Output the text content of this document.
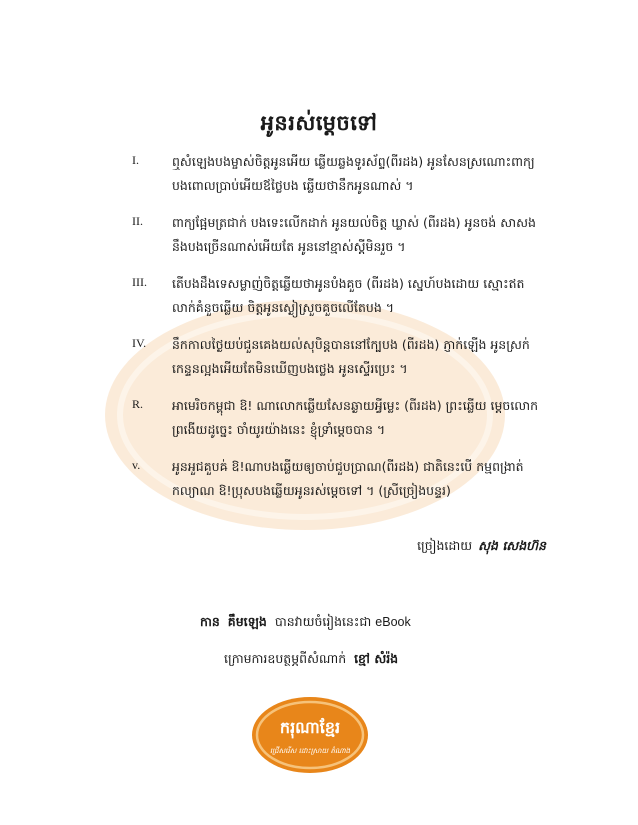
អូនរស់ម្ដេចទៅ
I.	ឮសំឡេងបងម្ចាស់ចិត្តអូនអើយ ឆ្លើយឆ្លងទូរស័ព្ទ(ពីរដង) អូនសែនស្រណោះពាក្យ
បងពោលប្រាប់អើយឪថ្លៃបង ឆ្លើយថានឹកអូនណាស់ ។
II.	ពាក្យផ្អែមត្រជាក់ បងទេះលើកដាក់ អូនយល់ចិត្ត ឃ្លាស់ (ពីរដង) អូនចង់ សាសង
នឹងបងច្រើនណាស់អើយតែ អូននៅខ្មាស់ស្ដីមិនរួច ។
III.	តើបងដឹងទេសម្លាញ់ចិត្តឆ្លើយថាអូនបំងគួច (ពីរដង) ស្នេហ៍បងដោយ ស្មោះឥត
លាក់គំនួចឆ្លើយ ចិត្តអូនស្ងៀស្រួចគួចលើតែបង ។
IV.	នឹកកាលថ្ងៃយប់ជួនគេងយល់សុបិន្តបាននៅក្បែបង (ពីរដង) ភ្ញាក់ឡើង អូនស្រក់
កេន្ទនល្អងអើយតែមិនឃើញបងថ្លេង អូនស្ទើរប្រេះ ។
R.	អាមេរិចកម្ពុជា ឱ! ណាលោកឆ្លើយសែនឆ្ងាយអ្វីម្លេះ (ពីរដង) ព្រះឆ្លើយ ម្ដេចលោក
ព្រងើយដូច្នេះ ចាំយូរយ៉ាងនេះ ខ្ញុំទ្រាំម្ដេចបាន ។
v.	អូនអួជគួបឝ់ ឱ!ណាបងឆ្លើយឲ្យចាប់ជួបប្រាណ(ពីរដង) ជាតិនេះបើ កម្មពង្រាត់
កល្យាណ ឱ!ប្រុសបងឆ្លើយអូនរស់ម្ដេចទៅ ។ (ស្រីច្រៀងបន្ទរ)
ច្រៀងដោយ សុង សេងហ៊ន
កាន គឹមឡេង បានវាយចំរៀងនេះជា eBook
ក្រោមការឧបត្ថម្ភពីសំណាក់ ខ្មៅ សំរ៉ង
ករុណាខ្មែរ
ជ្រើសរើស ដោះស្រាយ តំណាង
